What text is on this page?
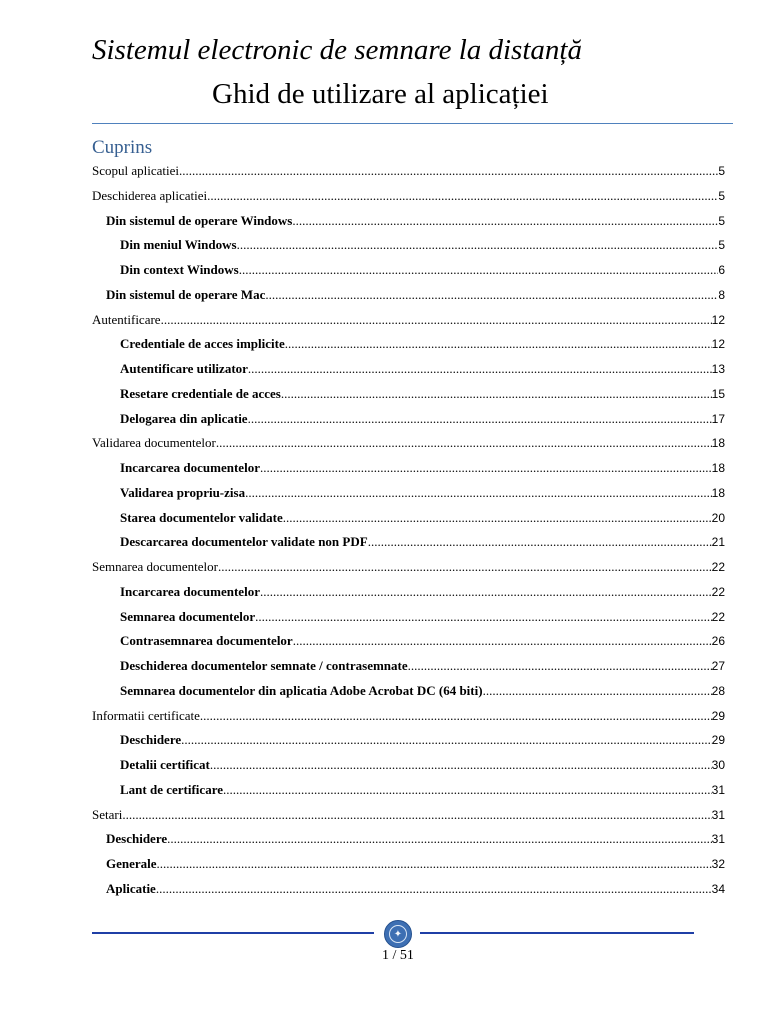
Sistemul electronic de semnare la distanță
Ghid de utilizare al aplicației
Cuprins
Scopul aplicatiei .....	5
Deschiderea aplicatiei .....	5
Din sistemul de operare Windows .....	5
Din meniul Windows .....	5
Din context Windows .....	6
Din sistemul de operare Mac .....	8
Autentificare .....	12
Credentiale de acces implicite .....	12
Autentificare utilizator .....	13
Resetare credentiale de acces .....	15
Delogarea din aplicatie .....	17
Validarea documentelor .....	18
Incarcarea documentelor .....	18
Validarea propriu-zisa .....	18
Starea documentelor validate .....	20
Descarcarea documentelor validate non PDF .....	21
Semnarea documentelor .....	22
Incarcarea documentelor .....	22
Semnarea documentelor .....	22
Contrasemnarea documentelor .....	26
Deschiderea documentelor semnate / contrasemnate .....	27
Semnarea documentelor din aplicatia Adobe Acrobat DC (64 biti) .....	28
Informatii certificate .....	29
Deschidere .....	29
Detalii certificat .....	30
Lant de certificare .....	31
Setari .....	31
Deschidere .....	31
Generale .....	32
Aplicatie .....	34
✦
1 / 51
